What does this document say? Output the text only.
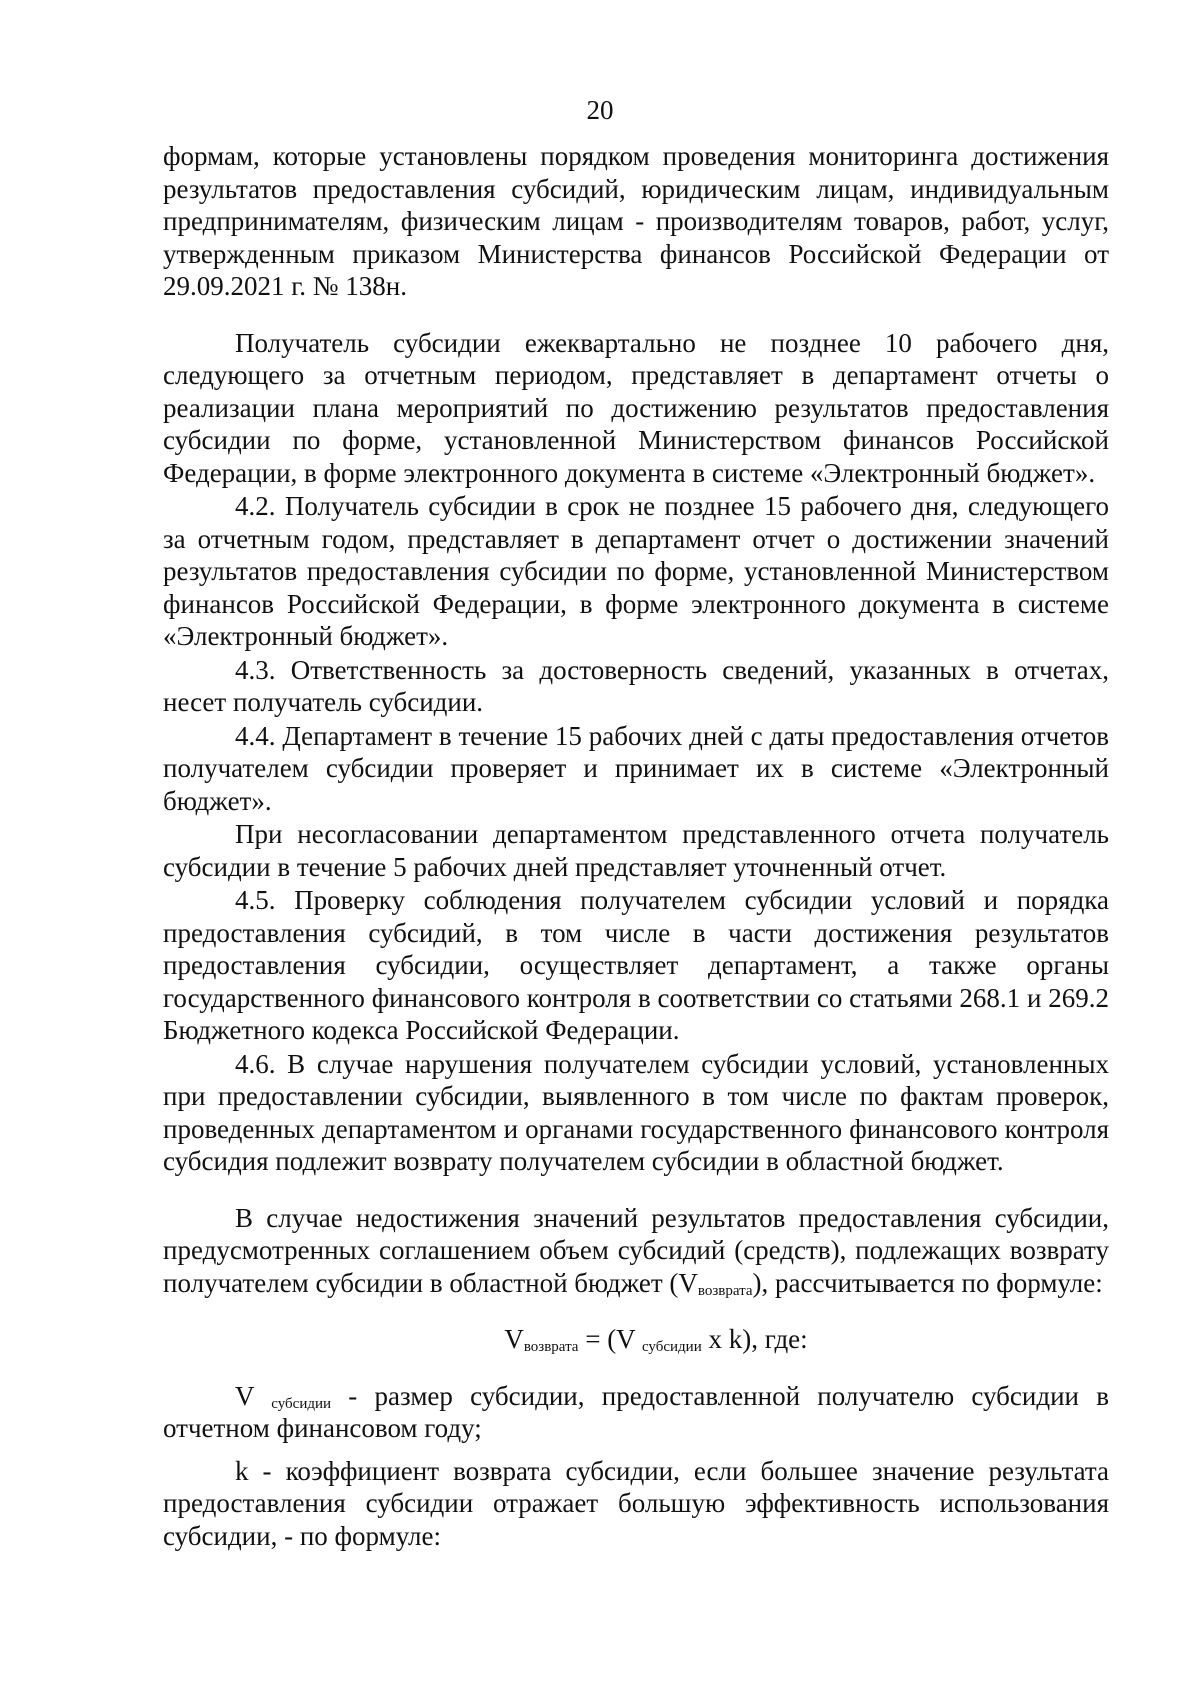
20

формам, которые установлены порядком проведения мониторинга достижения результатов предоставления субсидий, юридическим лицам, индивидуальным предпринимателям, физическим лицам - производителям товаров, работ, услуг, утвержденным приказом Министерства финансов Российской Федерации от 29.09.2021 г. № 138н.

Получатель субсидии ежеквартально не позднее 10 рабочего дня, следующего за отчетным периодом, представляет в департамент отчеты о реализации плана мероприятий по достижению результатов предоставления субсидии по форме, установленной Министерством финансов Российской Федерации, в форме электронного документа в системе «Электронный бюджет».

4.2. Получатель субсидии в срок не позднее 15 рабочего дня, следующего за отчетным годом, представляет в департамент отчет о достижении значений результатов предоставления субсидии по форме, установленной Министерством финансов Российской Федерации, в форме электронного документа в системе «Электронный бюджет».

4.3. Ответственность за достоверность сведений, указанных в отчетах, несет получатель субсидии.

4.4. Департамент в течение 15 рабочих дней с даты предоставления отчетов получателем субсидии проверяет и принимает их в системе «Электронный бюджет».

При несогласовании департаментом представленного отчета получатель субсидии в течение 5 рабочих дней представляет уточненный отчет.

4.5. Проверку соблюдения получателем субсидии условий и порядка предоставления субсидий, в том числе в части достижения результатов предоставления субсидии, осуществляет департамент, а также органы государственного финансового контроля в соответствии со статьями 268.1 и 269.2 Бюджетного кодекса Российской Федерации.

4.6. В случае нарушения получателем субсидии условий, установленных при предоставлении субсидии, выявленного в том числе по фактам проверок, проведенных департаментом и органами государственного финансового контроля субсидия подлежит возврату получателем субсидии в областной бюджет.

В случае недостижения значений результатов предоставления субсидии, предусмотренных соглашением объем субсидий (средств), подлежащих возврату получателем субсидии в областной бюджет $(V_{возврата})$, рассчитывается по формуле:

$V_{возврата} = (V$ $_{субсидии}$ x k), где:

V $_{субсидии}$ - размер субсидии, предоставленной получателю субсидии в отчетном финансовом году;

k - коэффициент возврата субсидии, если большее значение результата предоставления субсидии отражает большую эффективность использования субсидии, - по формуле:
